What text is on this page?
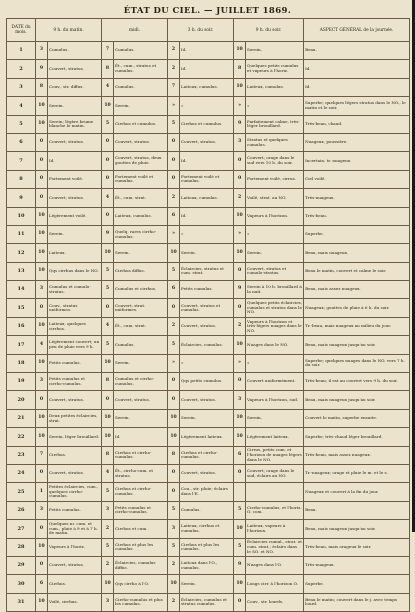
ÉTAT DU CIEL. — JUILLET 1869.
DATE du mois.	9 h. du matin.		midi.		3 h. du soir.		9 h. du soir.		ASPECT GÉNÉRAL de la journée.
1	3	Cumulus.	7	Cumulus.	2	Id.	10	Serein.	Beau.
2	9	Couvert, stratus.	8	Ét., cum., stratus et cumulus.	2	Id.	8	Quelques petits cumulus et vapeurs à l'horiz.	Id.
3	8	Couv., str. diffus.	4	Cumulus.	7	Laitoux, cumulus.	10	Laiteux, cumulus.	Id.
4	10	Serein.	10	Serein.	»	»	»	»	Superbe; quelques légers stratus dans le NO., le matin et le soir.
5	10	Serein; légère brume blanche le matin.	5	Cirrhus et cumulus.	5	Cirrhus et cumulus.	9	Parfaitement calme, très-léger brouillard.	Très-beau, chaud.
6	0	Couvert, stratus.	0	Couvert, stratus.	0	Couvert, stratus.	3	Stratus et quelques cumulus.	Nuageux, poussière.
7	0	Id.	0	Couvert, stratus, deux gouttes de pluie.	0	Id.	0	Couvert; orage dans le sud vers 10 h. du soir.	Incertain, tr. nuageux.
8	0	Fortement voilé.	0	Fortement voilé et cumulus.	0	Fortement voilé et cumulus.	0	Fortement voilé, cirrus.	Ciel voilé.
9	0	Couvert, stratus.	4	Ét., cum. strat.	2	Laitoux, cumulus.	2	Voilé, strat. au NO.	Très-nuageux.
10	10	Légèrement voilé.	0	Laiteux, cumulus.	6	Id.	10	Vapeurs à l'horizon.	Très-beau.
11	10	Serein.	9	Quelq. rares cirrho-cumulus.	»	»	»	»	Superbe.
12	10	Laiteux.	10	Serein.	10	Serein.	10	Serein.	Beau, mais nuageux.
13	10	Qqs cirrhus dans le NO.	5	Cirrhus diffus.	5	Éclaircies, stratus et cum. strat.	0	Couvert, stratus et cumulo-stratus.	Beau le matin, couvert et calme le soir.
14	3	Cumulus et cumulo-stratus.	5	Cumulus et cirrhus.	6	Petits cumulus.	9	Serein à 10 h. brouillard à la nuit.	Beau, mais assez nuageux.
15	0	Couv., stratus uniformes.	0	Couvert, strat. uniformes.	0	Couvert, stratus et cumulus.	0	Quelques petits éclaircies, cumulus et stratus dans le NO.	Nuageux; gouttes de pluie à 6 h. du soir.
16	10	Laiteux, quelques cirrhus.	4	Ét., cum. strat.	2	Couvert, stratus.	2	Vapeurs à l'horizon et très-légers nuages dans le NO.	Tr.-beau, mais nuageux au milieu du jour.
17	4	Légèrement couvert; un peu de pluie vers 9 h.	5	Cumulus.	5	Éclaircies, cumulus.	10	Nuages dans le NO.	Beau, mais nuageux jusqu'au soir.
18	10	Petits cumulus.	10	Serein.	»	»	»	»	Superbe; quelques nuages dans le NO. vers 7 h. du soir.
19	3	Petits cumulus et cirrho-cumulus.	8	Cumulus et cirrho-cumulus.	0	Qqs petits cumulus.	0	Couvert uniformément.	Très-beau; il est au couvert vers 9 h. du soir.
20	0	Couvert, stratus.	0	Couvert, stratus.	0	Couvert, stratus.	3	Vapeurs à l'horizon, sud.	Beau, mais nuageux jusqu'au soir.
21	10	Deux petites éclaircies, strat.	10	Serein.	10	Serein.	10	Serein.	Couvert le matin, superbe ensuite.
22	10	Serein, léger brouillard.	10	Id.	10	Légèrement laiteux.	10	Légèrement laiteux.	Superbe; très-chaud léger brouillard.
23	7	Cirrhus.	8	Cirrhus et cirrho-cumulus.	8	Cirrhus et cirrho-cumulus.	6	Cirrus, petits cum. et l'horizon de nuages légers dans le NO.	Très-beau, mais assez nuageux.
24	0	Couvert, stratus.	4	Ét., cirrho-cum. et stratus.	0	Couvert, stratus.	0	Couvert; orage dans le sud, éclairs au NO.	Tr.-nuageux; orage et pluie le m. et le s.
25	1	Petites éclaircies, cum., quelques cirrho-cumulus.	5	Cirrhus et cirrho-cumulus.	0	Cou., str. pluie; éclairs dans l'E.			Nuageux et couvert à la fin du jour.
26	3	Petits cumulus.	3	Petits cumulus et cirrho-cumulus.	5	Cumulus.	5	Cirrho-cumulus, et l'horiz. O. com.	Beau.
27	0	Quelques ni. cum. et cum., pluie à 9 et à 7 h. de matin.	2	Cirrhus et cum.	3	Laiteux, cirrhus et cumulus.	10	Laiteux, vapeurs à l'horizon.	Beau, mais nuageux jusqu'au soir.
28	10	Vapeurs à l'horiz.	5	Cirrhus et plus les cumulus.	5	Cirrhus et plus les cumulus.	5	Éclaircies cumul., strat. et cum. strat.; éclairs dans le SO. et NO.	Très-beau, mais orageux le soir.
29	0	Couvert, stratus.	2	Éclaircies, cumulus diffus.	2	Laitoux dans l'O., cumulus.	9	Nuages dans l'O.	Très-nuageux.
30	6	Cirrhus.	10	Qqs cirrho à l'O.	10	Serein.	10	Longs cirr. à l'horizon O.	Superbe.
31	10	Voilé, cirrhus.	3	Cirrho-cumulus et plus les cumulus.	2	Éclaircies, cumulus et stratus cumulus.	0	Couv., str. lourds.	Beau le matin; couvert dans le j. avec temps lourd.
